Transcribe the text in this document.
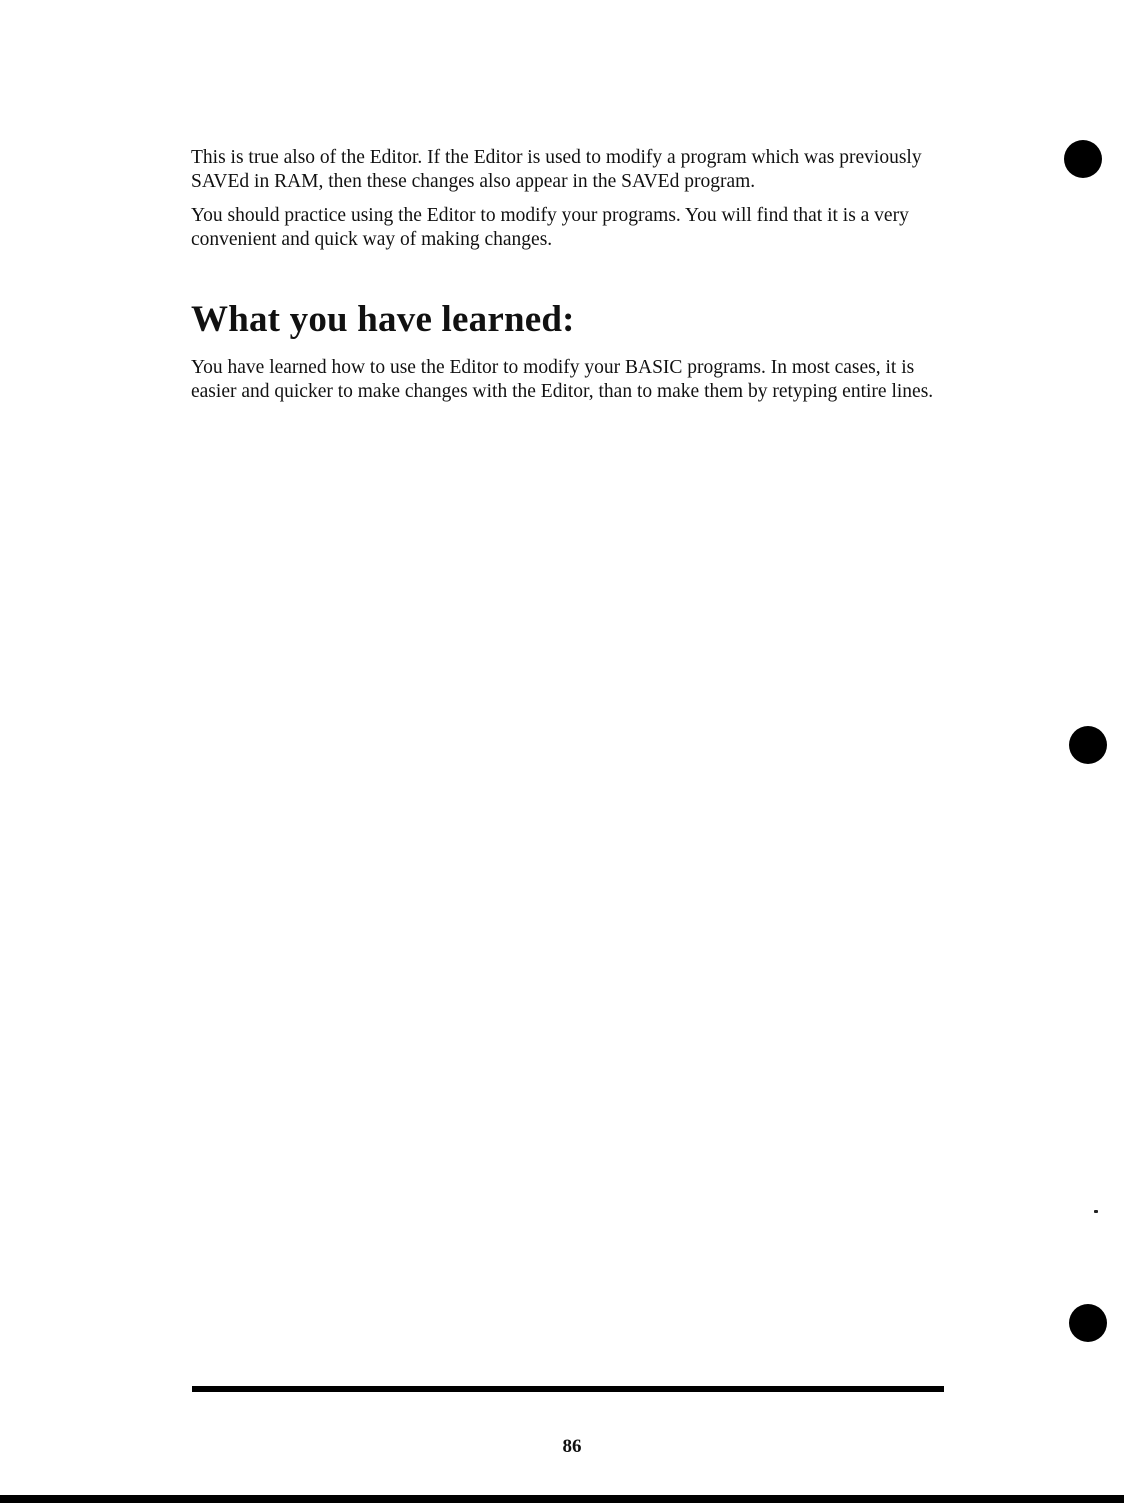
This is true also of the Editor. If the Editor is used to modify a program which was previously SAVEd in RAM, then these changes also appear in the SAVEd program.

You should practice using the Editor to modify your programs. You will find that it is a very convenient and quick way of making changes.

What you have learned:

You have learned how to use the Editor to modify your BASIC programs. In most cases, it is easier and quicker to make changes with the Editor, than to make them by retyping entire lines.

86
